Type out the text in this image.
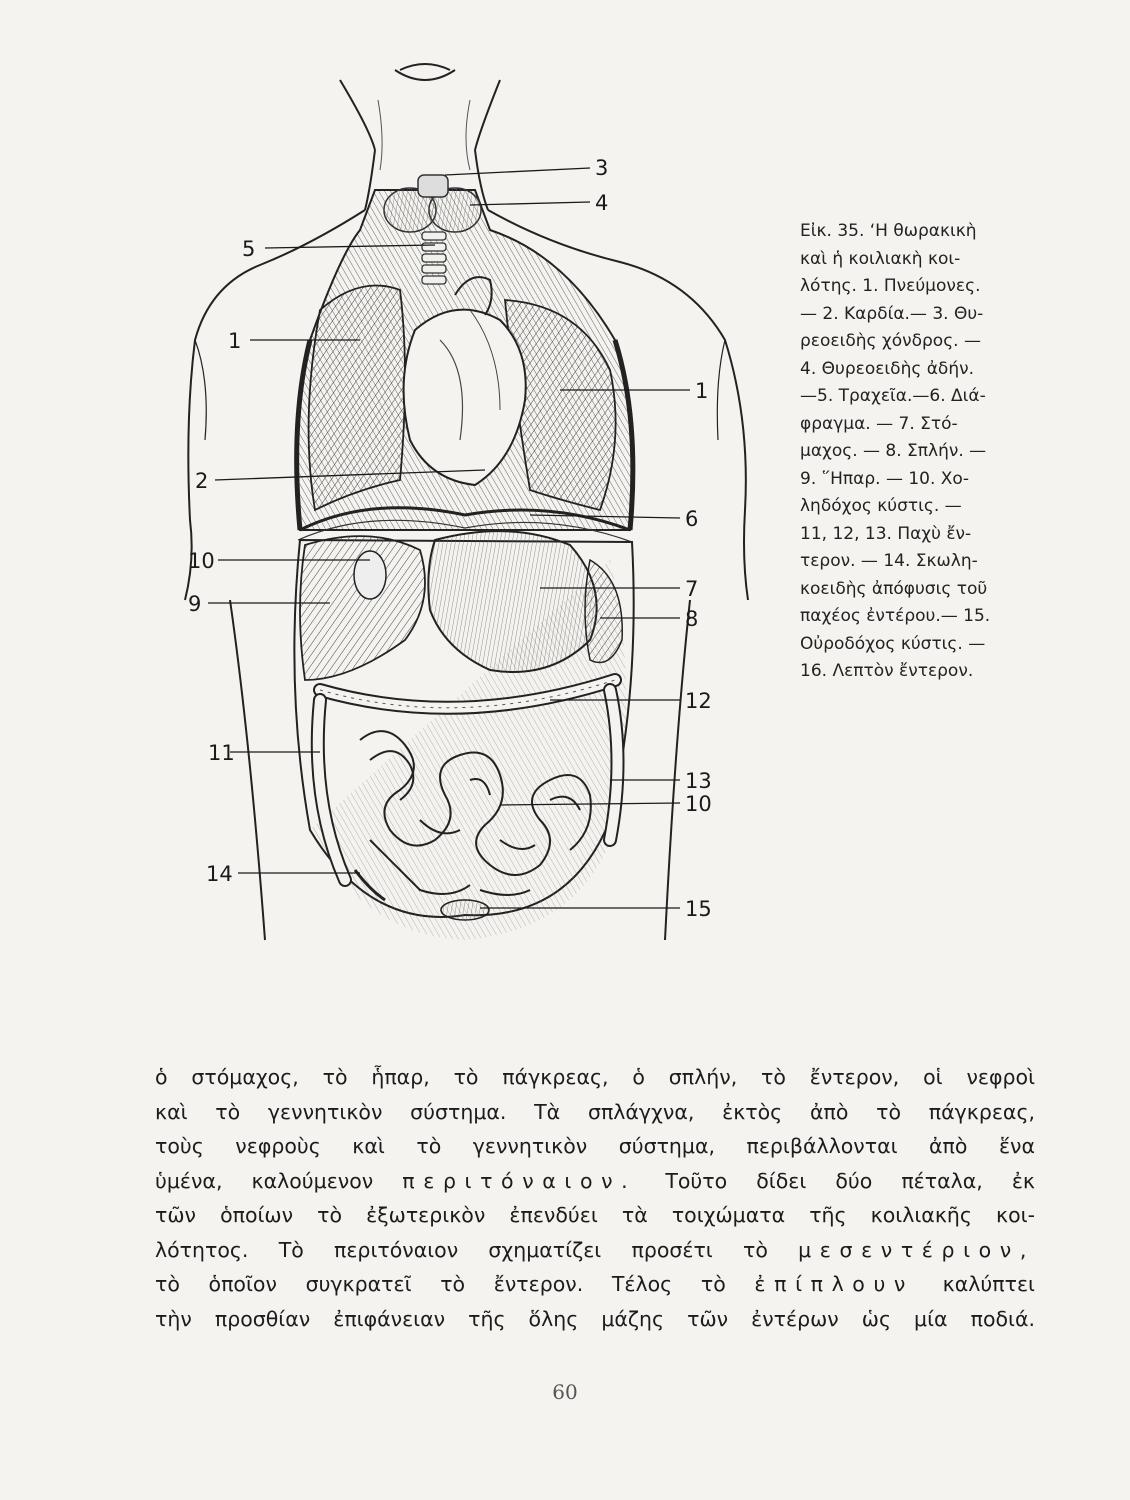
3
4
5
1
1
2
6
10
9
7
8
12
11
13
10
14
15
Εἰκ. 35. ‘Η θωρακικὴ
καὶ ἡ κοιλιακὴ κοι-
λότης. 1. Πνεύμονες.
— 2. Καρδία.— 3. Θυ-
ρεοειδὴς χόνδρος. —
4. Θυρεοειδὴς ἀδήν.
—5. Τραχεῖα.—6. Διά-
φραγμα. — 7. Στό-
μαχος. — 8. Σπλήν. —
9. ῞Ηπαρ. — 10. Χο-
ληδόχος κύστις. —
11, 12, 13. Παχὺ ἔν-
τερον. — 14. Σκωλη-
κοειδὴς ἀπόφυσις τοῦ
παχέος ἐντέρου.— 15.
Οὐροδόχος κύστις. —
16. Λεπτὸν ἔντερον.
ὁ στόμαχος, τὸ ἧπαρ, τὸ πάγκρεας, ὁ σπλήν, τὸ ἔντερον, οἱ νεφροὶ
καὶ τὸ γεννητικὸν σύστημα. Τὰ σπλάγχνα, ἐκτὸς ἀπὸ τὸ πάγκρεας,
τοὺς νεφροὺς καὶ τὸ γεννητικὸν σύστημα, περιβάλλονται ἀπὸ ἕνα
ὑμένα, καλούμενον περιτόναιον. Τοῦτο δίδει δύο πέταλα, ἐκ
τῶν ὁποίων τὸ ἐξωτερικὸν ἐπενδύει τὰ τοιχώματα τῆς κοιλιακῆς κοι-
λότητος. Τὸ περιτόναιον σχηματίζει προσέτι τὸ μεσεντέριον,
τὸ ὁποῖον συγκρατεῖ τὸ ἔντερον. Τέλος τὸ ἐπίπλουν καλύπτει
τὴν προσθίαν ἐπιφάνειαν τῆς ὅλης μάζης τῶν ἐντέρων ὡς μία ποδιά.
60
